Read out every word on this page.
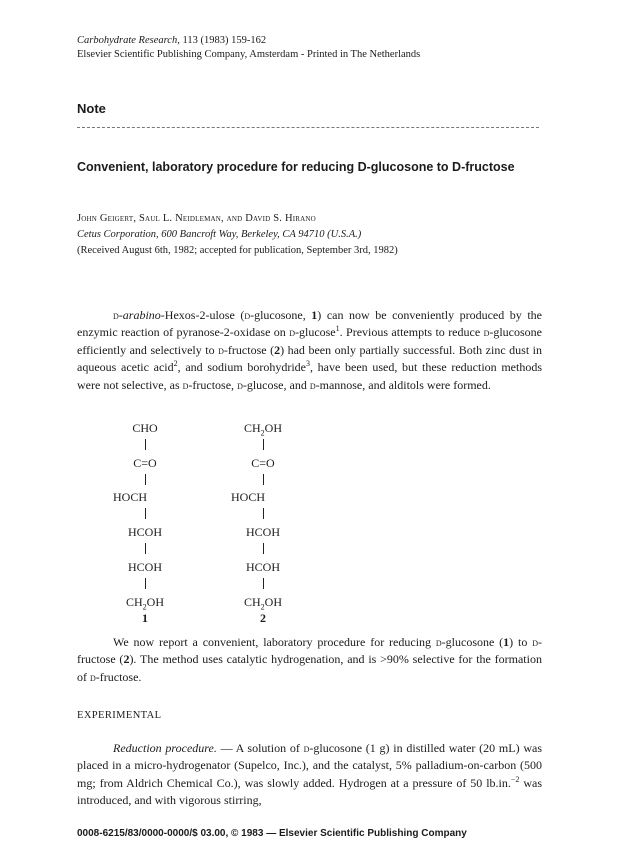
Carbohydrate Research, 113 (1983) 159-162
Elsevier Scientific Publishing Company, Amsterdam - Printed in The Netherlands
Note
Convenient, laboratory procedure for reducing D-glucosone to D-fructose
John Geigert, Saul L. Neidleman, and David S. Hirano
Cetus Corporation, 600 Bancroft Way, Berkeley, CA 94710 (U.S.A.)
(Received August 6th, 1982; accepted for publication, September 3rd, 1982)

d-arabino-Hexos-2-ulose (d-glucosone, 1) can now be conveniently produced by the enzymic reaction of pyranose-2-oxidase on d-glucose$^1$. Previous attempts to reduce d-glucosone efficiently and selectively to d-fructose (2) had been only partially successful. Both zinc dust in aqueous acetic acid$^2$, and sodium borohydride$^3$, have been used, but these reduction methods were not selective, as d-fructose, d-glucose, and d-mannose, and alditols were formed.

CHO
C=O
HOCH
HCOH
HCOH
$CH_2OH$
1
$CH_2OH$
C=O
HOCH
HCOH
HCOH
$CH_2OH$
2

We now report a convenient, laboratory procedure for reducing d-glucosone (1) to d-fructose (2). The method uses catalytic hydrogenation, and is >90% selective for the formation of d-fructose.

EXPERIMENTAL

Reduction procedure. — A solution of d-glucosone (1 g) in distilled water (20 mL) was placed in a micro-hydrogenator (Supelco, Inc.), and the catalyst, 5% palladium-on-carbon (500 mg; from Aldrich Chemical Co.), was slowly added. Hydrogen at a pressure of 50 lb.in.$^{-2}$ was introduced, and with vigorous stirring,

0008-6215/83/0000-0000/$ 03.00, © 1983 — Elsevier Scientific Publishing Company
